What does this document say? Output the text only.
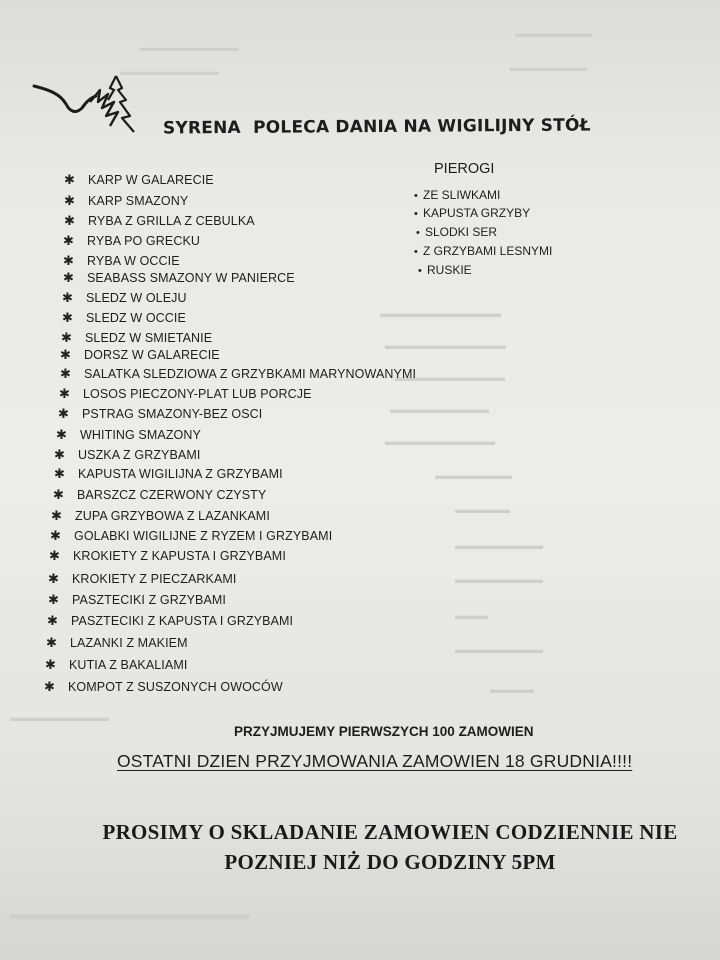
▬▬▬▬▬▬▬
▬▬▬▬▬▬▬▬▬
▬▬▬▬▬▬▬▬▬	▬▬▬▬▬▬▬
▬▬▬▬▬▬▬▬▬▬▬
▬▬▬▬▬▬▬▬▬▬▬
▬▬▬▬▬▬▬▬▬▬
▬▬▬▬▬▬▬▬▬
▬▬▬▬▬▬▬▬▬▬
▬▬▬▬▬▬▬
▬▬▬▬▬
▬▬▬▬▬▬▬▬
▬▬▬▬▬▬▬▬
▬▬▬
▬▬▬▬▬▬▬▬
▬▬▬▬
▬▬▬▬▬▬▬▬▬
▬▬▬▬▬▬▬▬▬▬▬▬▬▬▬▬
SYRENA  POLECA DANIA NA WIGILIJNY STÓŁ
✱ KARP W GALARECIE
✱ KARP SMAZONY
✱ RYBA Z GRILLA Z CEBULKA
✱ RYBA PO GRECKU
✱ RYBA W OCCIE
✱ SEABASS SMAZONY W PANIERCE
✱ SLEDZ W OLEJU
✱ SLEDZ W OCCIE
✱ SLEDZ W SMIETANIE
✱ DORSZ W GALARECIE
✱ SALATKA SLEDZIOWA Z GRZYBKAMI MARYNOWANYMI
✱ LOSOS PIECZONY-PLAT LUB PORCJE
✱ PSTRAG SMAZONY-BEZ OSCI
✱ WHITING SMAZONY
✱ USZKA Z GRZYBAMI
✱ KAPUSTA WIGILIJNA Z GRZYBAMI
✱ BARSZCZ CZERWONY CZYSTY
✱ ZUPA GRZYBOWA Z LAZANKAMI
✱ GOLABKI WIGILIJNE Z RYZEM I GRZYBAMI
✱ KROKIETY Z KAPUSTA I GRZYBAMI
✱ KROKIETY Z PIECZARKAMI
✱ PASZTECIKI Z GRZYBAMI
✱ PASZTECIKI Z KAPUSTA I GRZYBAMI
✱ LAZANKI Z MAKIEM
✱ KUTIA Z BAKALIAMI
✱ KOMPOT Z SUSZONYCH OWOCÓW
PIEROGI
• ZE SLIWKAMI
• KAPUSTA GRZYBY
• SLODKI SER
• Z GRZYBAMI LESNYMI
• RUSKIE
PRZYJMUJEMY PIERWSZYCH 100 ZAMOWIEN
OSTATNI DZIEN PRZYJMOWANIA ZAMOWIEN 18 GRUDNIA!!!!
PROSIMY O SKLADANIE ZAMOWIEN CODZIENNIE NIE
POZNIEJ NIŻ DO GODZINY 5PM
